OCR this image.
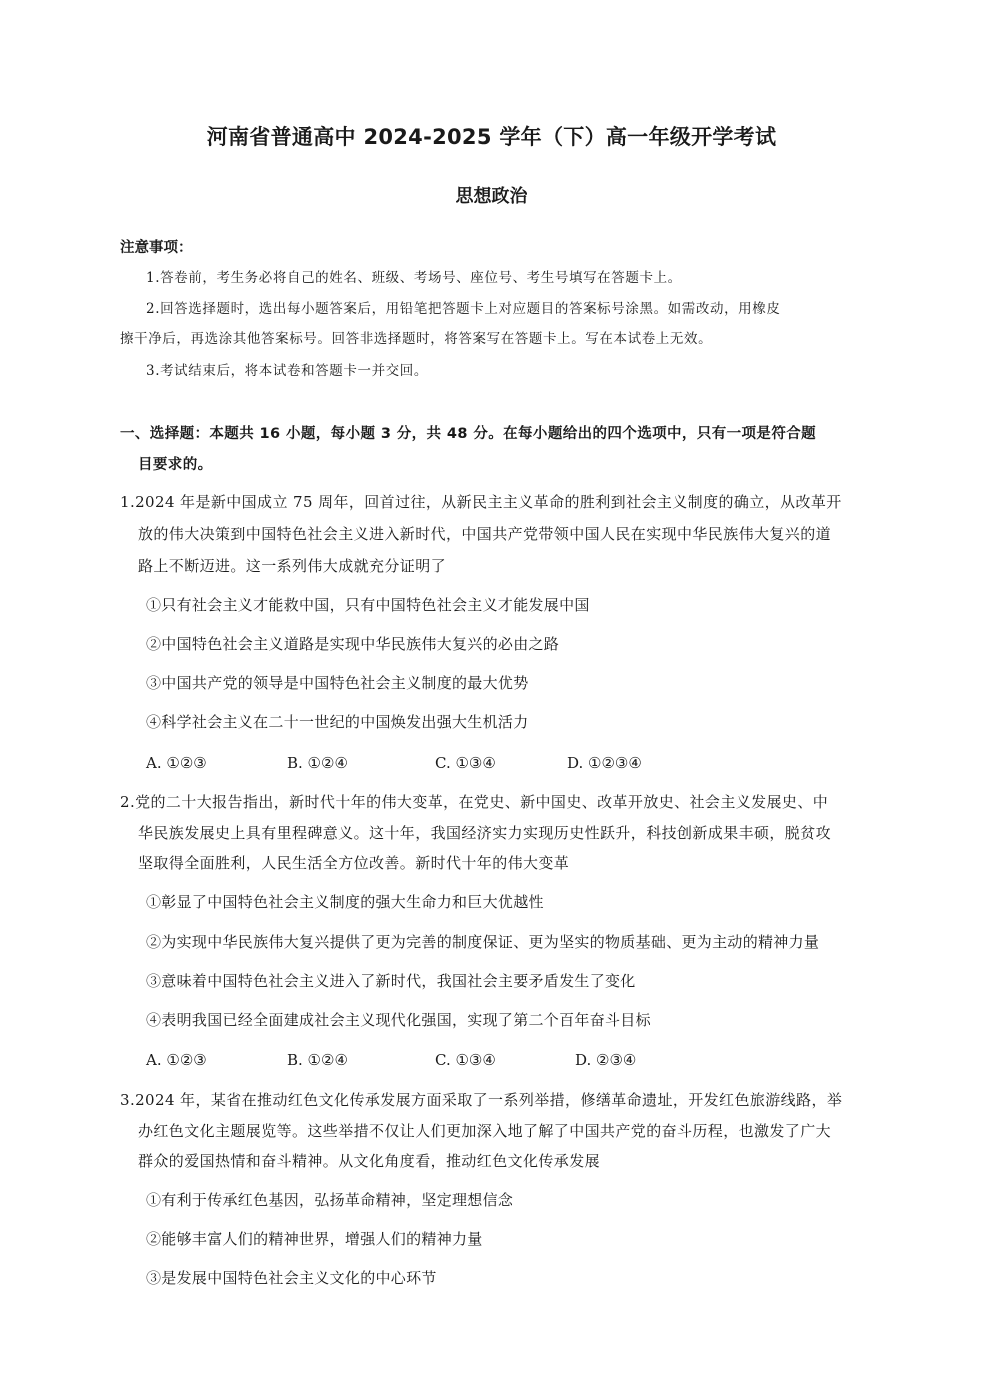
河南省普通高中 2024-2025 学年（下）高一年级开学考试
思想政治
注意事项：
1.答卷前，考生务必将自己的姓名、班级、考场号、座位号、考生号填写在答题卡上。
2.回答选择题时，选出每小题答案后，用铅笔把答题卡上对应题目的答案标号涂黑。如需改动，用橡皮
擦干净后，再选涂其他答案标号。回答非选择题时，将答案写在答题卡上。写在本试卷上无效。
3.考试结束后，将本试卷和答题卡一并交回。
一、选择题：本题共 16 小题，每小题 3 分，共 48 分。在每小题给出的四个选项中，只有一项是符合题
目要求的。
1.2024 年是新中国成立 75 周年，回首过往，从新民主主义革命的胜利到社会主义制度的确立，从改革开
放的伟大决策到中国特色社会主义进入新时代，中国共产党带领中国人民在实现中华民族伟大复兴的道
路上不断迈进。这一系列伟大成就充分证明了
①只有社会主义才能救中国，只有中国特色社会主义才能发展中国
②中国特色社会主义道路是实现中华民族伟大复兴的必由之路
③中国共产党的领导是中国特色社会主义制度的最大优势
④科学社会主义在二十一世纪的中国焕发出强大生机活力
A. ①②③	B. ①②④	C. ①③④	D. ①②③④
2.党的二十大报告指出，新时代十年的伟大变革，在党史、新中国史、改革开放史、社会主义发展史、中
华民族发展史上具有里程碑意义。这十年，我国经济实力实现历史性跃升，科技创新成果丰硕，脱贫攻
坚取得全面胜利，人民生活全方位改善。新时代十年的伟大变革
①彰显了中国特色社会主义制度的强大生命力和巨大优越性
②为实现中华民族伟大复兴提供了更为完善的制度保证、更为坚实的物质基础、更为主动的精神力量
③意味着中国特色社会主义进入了新时代，我国社会主要矛盾发生了变化
④表明我国已经全面建成社会主义现代化强国，实现了第二个百年奋斗目标
A. ①②③	B. ①②④	C. ①③④	D. ②③④
3.2024 年，某省在推动红色文化传承发展方面采取了一系列举措，修缮革命遗址，开发红色旅游线路，举
办红色文化主题展览等。这些举措不仅让人们更加深入地了解了中国共产党的奋斗历程，也激发了广大
群众的爱国热情和奋斗精神。从文化角度看，推动红色文化传承发展
①有利于传承红色基因，弘扬革命精神，坚定理想信念
②能够丰富人们的精神世界，增强人们的精神力量
③是发展中国特色社会主义文化的中心环节
